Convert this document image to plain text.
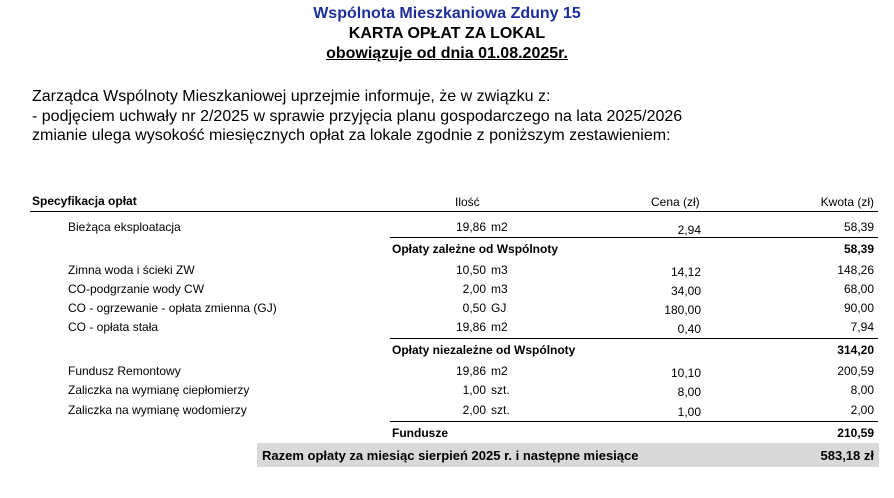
Wspólnota Mieszkaniowa Zduny 15
KARTA OPŁAT ZA LOKAL
obowiązuje od dnia 01.08.2025r.
Zarządca Wspólnoty Mieszkaniowej uprzejmie informuje, że w związku z:
- podjęciem uchwały nr 2/2025 w sprawie przyjęcia planu gospodarczego na lata 2025/2026
zmianie ulega wysokość miesięcznych opłat za lokale zgodnie z poniższym zestawieniem:
Specyfikacja opłat	Ilość	Cena (zł)	Kwota (zł)
Bieżąca eksploatacja	19,86 m2	2,94	58,39
Opłaty zależne od Wspólnoty	58,39
Zimna woda i ścieki ZW	10,50 m3	14,12	148,26
CO-podgrzanie wody CW	2,00 m3	34,00	68,00
CO - ogrzewanie - opłata zmienna (GJ)	0,50 GJ	180,00	90,00
CO - opłata stała	19,86 m2	0,40	7,94
Opłaty niezależne od Wspólnoty	314,20
Fundusz Remontowy	19,86 m2	10,10	200,59
Zaliczka na wymianę ciepłomierzy	1,00 szt.	8,00	8,00
Zaliczka na wymianę wodomierzy	2,00 szt.	1,00	2,00
Fundusze	210,59
Razem opłaty za miesiąc sierpień 2025 r. i następne miesiące	583,18 zł
